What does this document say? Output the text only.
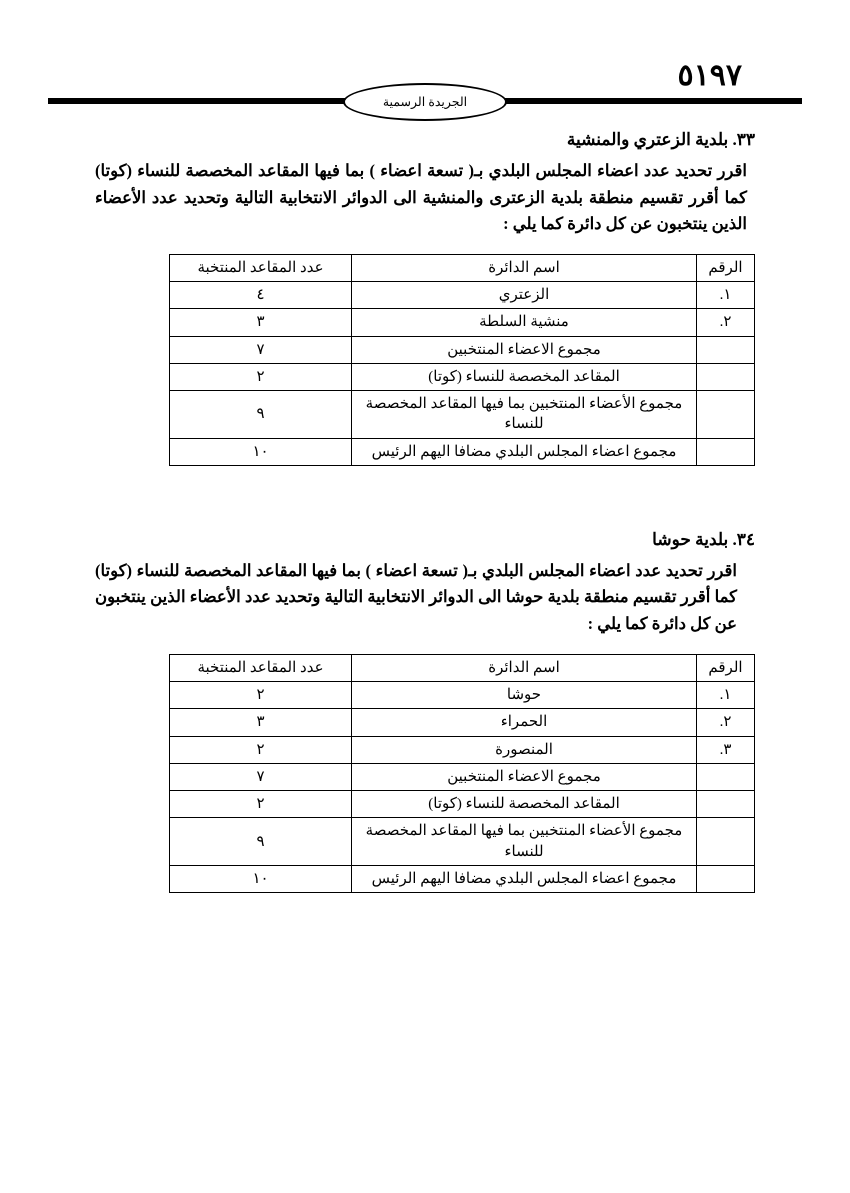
٥١٩٧
الجريدة الرسمية
٣٣. بلدية الزعتري والمنشية

اقرر تحديد عدد اعضاء المجلس البلدي بـ( تسعة اعضاء ) بما فيها المقاعد المخصصة للنساء (كوتا) كما أقرر تقسيم منطقة بلدية الزعترى والمنشية الى الدوائر الانتخابية التالية وتحديد عدد الأعضاء الذين ينتخبون عن كل دائرة كما يلي :

الرقم	اسم الدائرة	عدد المقاعد المنتخبة
١.	الزعتري	٤
٢.	منشية السلطة	٣
	مجموع الاعضاء المنتخبين	٧
	المقاعد المخصصة للنساء (كوتا)	٢
	مجموع الأعضاء المنتخبين بما فيها المقاعد المخصصة للنساء	٩
	مجموع اعضاء المجلس البلدي مضافا اليهم الرئيس	١٠
٣٤. بلدية حوشا

اقرر تحديد عدد اعضاء المجلس البلدي بـ( تسعة اعضاء ) بما فيها المقاعد المخصصة للنساء (كوتا) كما أقرر تقسيم منطقة بلدية حوشا الى الدوائر الانتخابية التالية وتحديد عدد الأعضاء الذين ينتخبون عن كل دائرة كما يلي :

الرقم	اسم الدائرة	عدد المقاعد المنتخبة
١.	حوشا	٢
٢.	الحمراء	٣
٣.	المنصورة	٢
	مجموع الاعضاء المنتخبين	٧
	المقاعد المخصصة للنساء (كوتا)	٢
	مجموع الأعضاء المنتخبين بما فيها المقاعد المخصصة للنساء	٩
	مجموع اعضاء المجلس البلدي مضافا اليهم الرئيس	١٠
